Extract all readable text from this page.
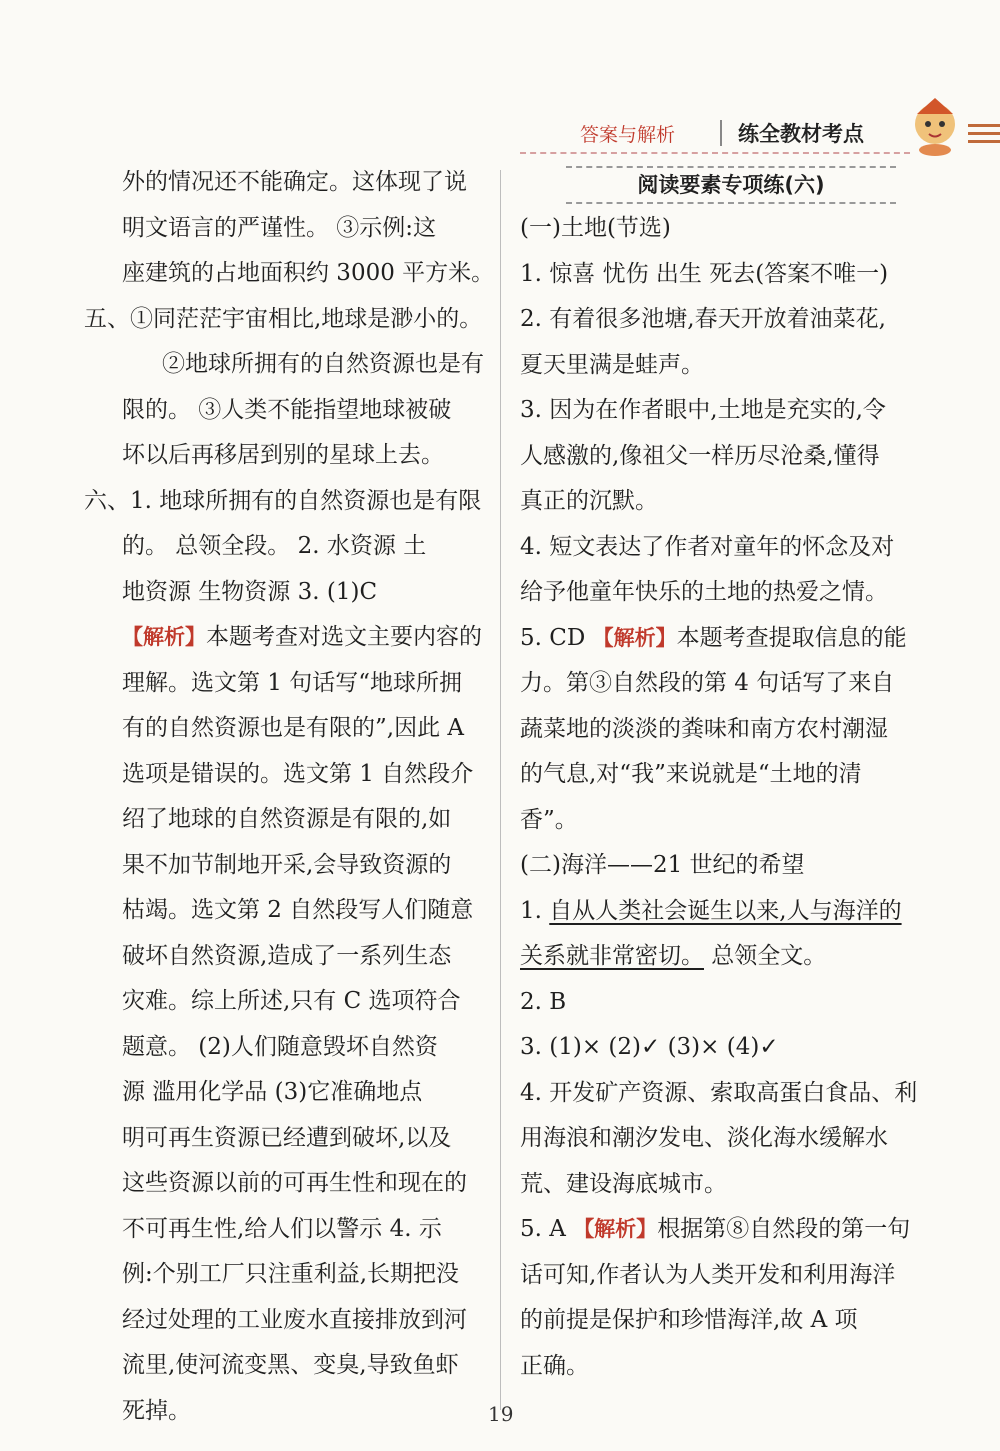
答案与解析	练全教材考点

外的情况还不能确定。这体现了说

明文语言的严谨性。 ③示例:这

座建筑的占地面积约 3000 平方米。

五、①同茫茫宇宙相比,地球是渺小的。

②地球所拥有的自然资源也是有

限的。 ③人类不能指望地球被破

坏以后再移居到别的星球上去。

六、1. 地球所拥有的自然资源也是有限

的。 总领全段。 2. 水资源 土

地资源 生物资源 3. (1)C

【解析】本题考查对选文主要内容的

理解。选文第 1 句话写“地球所拥

有的自然资源也是有限的”,因此 A

选项是错误的。选文第 1 自然段介

绍了地球的自然资源是有限的,如

果不加节制地开采,会导致资源的

枯竭。选文第 2 自然段写人们随意

破坏自然资源,造成了一系列生态

灾难。综上所述,只有 C 选项符合

题意。 (2)人们随意毁坏自然资

源 滥用化学品 (3)它准确地点

明可再生资源已经遭到破坏,以及

这些资源以前的可再生性和现在的

不可再生性,给人们以警示 4. 示

例:个别工厂只注重利益,长期把没

经过处理的工业废水直接排放到河

流里,使河流变黑、变臭,导致鱼虾

死掉。

阅读要素专项练(六)

(一)土地(节选)

1. 惊喜 忧伤 出生 死去(答案不唯一)

2. 有着很多池塘,春天开放着油菜花,

夏天里满是蛙声。

3. 因为在作者眼中,土地是充实的,令

人感激的,像祖父一样历尽沧桑,懂得

真正的沉默。

4. 短文表达了作者对童年的怀念及对

给予他童年快乐的土地的热爱之情。

5. CD 【解析】本题考查提取信息的能

力。第③自然段的第 4 句话写了来自

蔬菜地的淡淡的粪味和南方农村潮湿

的气息,对“我”来说就是“土地的清

香”。

(二)海洋——21 世纪的希望

1. 自从人类社会诞生以来,人与海洋的

关系就非常密切。 总领全文。

2. B

3. (1)× (2)✓ (3)× (4)✓

4. 开发矿产资源、索取高蛋白食品、利

用海浪和潮汐发电、淡化海水缓解水

荒、建设海底城市。

5. A 【解析】根据第⑧自然段的第一句

话可知,作者认为人类开发和利用海洋

的前提是保护和珍惜海洋,故 A 项

正确。

19
